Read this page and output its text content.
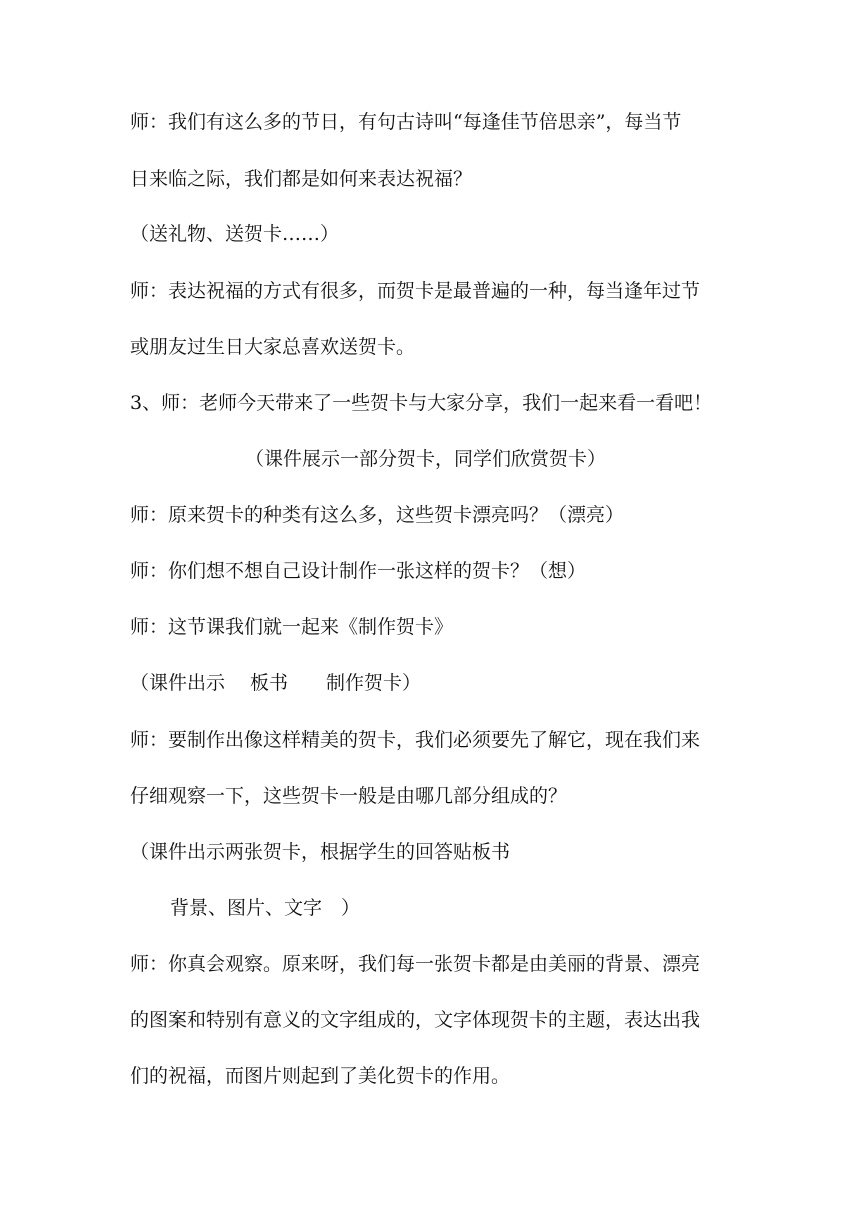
师：我们有这么多的节日，有句古诗叫“每逢佳节倍思亲”，每当节
日来临之际，我们都是如何来表达祝福？
（送礼物、送贺卡……）
师：表达祝福的方式有很多，而贺卡是最普遍的一种，每当逢年过节
或朋友过生日大家总喜欢送贺卡。
3、师：老师今天带来了一些贺卡与大家分享，我们一起来看一看吧！
（课件展示一部分贺卡，同学们欣赏贺卡）
师：原来贺卡的种类有这么多，这些贺卡漂亮吗？（漂亮）
师：你们想不想自己设计制作一张这样的贺卡？（想）
师：这节课我们就一起来《制作贺卡》
（课件出示　 板书　　制作贺卡）
师：要制作出像这样精美的贺卡，我们必须要先了解它，现在我们来
仔细观察一下，这些贺卡一般是由哪几部分组成的？
（课件出示两张贺卡，根据学生的回答贴板书
背景、图片、文字　）
师：你真会观察。原来呀，我们每一张贺卡都是由美丽的背景、漂亮
的图案和特别有意义的文字组成的，文字体现贺卡的主题，表达出我
们的祝福，而图片则起到了美化贺卡的作用。
